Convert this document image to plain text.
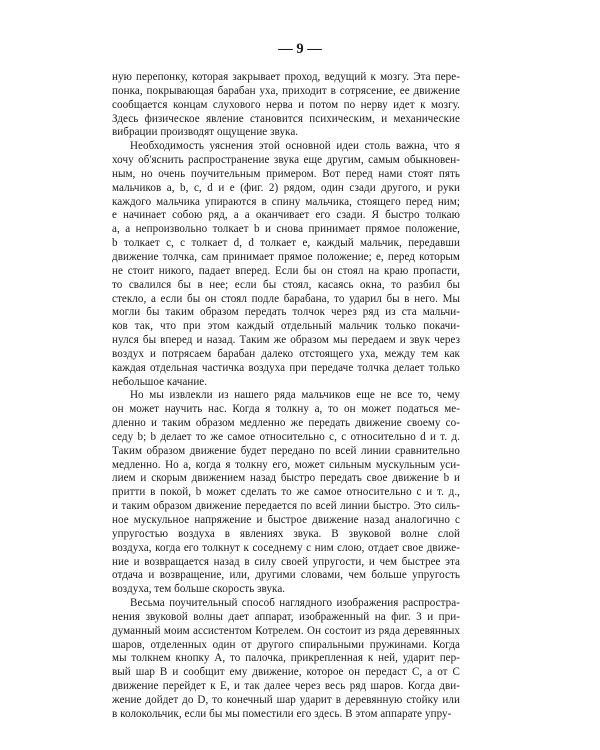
— 9 —
ную перепонку, которая закрывает проход, ведущий к мозгу. Эта пере-
понка, покрывающая барабан уха, приходит в сотрясение, ее движение
сообщается концам слухового нерва и потом по нерву идет к мозгу.
Здесь физическое явление становится психическим, и механические
вибрации производят ощущение звука.
Необходимость уяснения этой основной идеи столь важна, что я
хочу об'яснить распространение звука еще другим, самым обыкновен-
ным, но очень поучительным примером. Вот перед нами стоят пять
мальчиков a, b, c, d и e (фиг. 2) рядом, один сзади другого, и руки
каждого мальчика упираются в спину мальчика, стоящего перед ним;
e начинает собою ряд, а a оканчивает его сзади. Я быстро толкаю
a, a непроизвольно толкает b и снова принимает прямое положение,
b толкает c, c толкает d, d толкает e, каждый мальчик, передавши
движение толчка, сам принимает прямое положение; e, перед которым
не стоит никого, падает вперед. Если бы он стоял на краю пропасти,
то свалился бы в нее; если бы стоял, касаясь окна, то разбил бы
стекло, а если бы он стоял подле барабана, то ударил бы в него. Мы
могли бы таким образом передать толчок через ряд из ста мальчи-
ков так, что при этом каждый отдельный мальчик только покачи-
нулся бы вперед и назад. Таким же образом мы передаем и звук через
воздух и потрясаем барабан далеко отстоящего уха, между тем как
каждая отдельная частичка воздуха при передаче толчка делает только
небольшое качание.
Но мы извлекли из нашего ряда мальчиков еще не все то, чему
он может научить нас. Когда я толкну a, то он может податься ме-
дленно и таким образом медленно же передать движение своему со-
седу b; b делает то же самое относительно c, c относительно d и т. д.
Таким образом движение будет передано по всей линии сравнительно
медленно. Но a, когда я толкну его, может сильным мускульным уси-
лием и скорым движением назад быстро передать свое движение b и
притти в покой, b может сделать то же самое относительно c и т. д.,
и таким образом движение передается по всей линии быстро. Это силь-
ное мускульное напряжение и быстрое движение назад аналогично с
упругостью воздуха в явлениях звука. В звуковой волне слой
воздуха, когда его толкнут к соседнему с ним слою, отдает свое движе-
ние и возвращается назад в силу своей упругости, и чем быстрее эта
отдача и возвращение, или, другими словами, чем больше упругость
воздуха, тем больше скорость звука.
Весьма поучительный способ наглядного изображения распростра-
нения звуковой волны дает аппарат, изображенный на фиг. 3 и при-
думанный моим ассистентом Котрелем. Он состоит из ряда деревянных
шаров, отделенных один от другого спиральными пружинами. Когда
мы толкнем кнопку A, то палочка, прикрепленная к ней, ударит пер-
вый шар B и сообщит ему движение, которое он передаст C, а от C
движение перейдет к E, и так далее через весь ряд шаров. Когда дви-
жение дойдет до D, то конечный шар ударит в деревянную стойку или
в колокольчик, если бы мы поместили его здесь. В этом аппарате упру-
